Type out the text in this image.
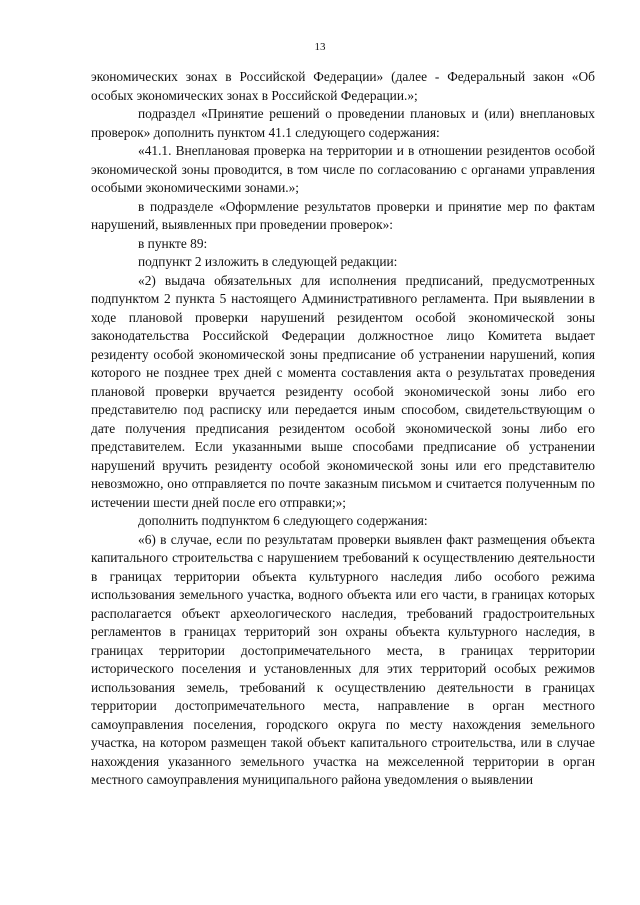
13

экономических зонах в Российской Федерации» (далее - Федеральный закон «Об особых экономических зонах в Российской Федерации.»;

подраздел «Принятие решений о проведении плановых и (или) внеплановых проверок» дополнить пунктом 41.1 следующего содержания:

«41.1. Внеплановая проверка на территории и в отношении резидентов особой экономической зоны проводится, в том числе по согласованию с органами управления особыми экономическими зонами.»;

в подразделе «Оформление результатов проверки и принятие мер по фактам нарушений, выявленных при проведении проверок»:

в пункте 89:

подпункт 2 изложить в следующей редакции:

«2) выдача обязательных для исполнения предписаний, предусмотренных подпунктом 2 пункта 5 настоящего Административного регламента. При выявлении в ходе плановой проверки нарушений резидентом особой экономической зоны законодательства Российской Федерации должностное лицо Комитета выдает резиденту особой экономической зоны предписание об устранении нарушений, копия которого не позднее трех дней с момента составления акта о результатах проведения плановой проверки вручается резиденту особой экономической зоны либо его представителю под расписку или передается иным способом, свидетельствующим о дате получения предписания резидентом особой экономической зоны либо его представителем. Если указанными выше способами предписание об устранении нарушений вручить резиденту особой экономической зоны или его представителю невозможно, оно отправляется по почте заказным письмом и считается полученным по истечении шести дней после его отправки;»;

дополнить подпунктом 6 следующего содержания:

«6) в случае, если по результатам проверки выявлен факт размещения объекта капитального строительства с нарушением требований к осуществлению деятельности в границах территории объекта культурного наследия либо особого режима использования земельного участка, водного объекта или его части, в границах которых располагается объект археологического наследия, требований градостроительных регламентов в границах территорий зон охраны объекта культурного наследия, в границах территории достопримечательного места, в границах территории исторического поселения и установленных для этих территорий особых режимов использования земель, требований к осуществлению деятельности в границах территории достопримечательного места, направление в орган местного самоуправления поселения, городского округа по месту нахождения земельного участка, на котором размещен такой объект капитального строительства, или в случае нахождения указанного земельного участка на межселенной территории в орган местного самоуправления муниципального района уведомления о выявлении
